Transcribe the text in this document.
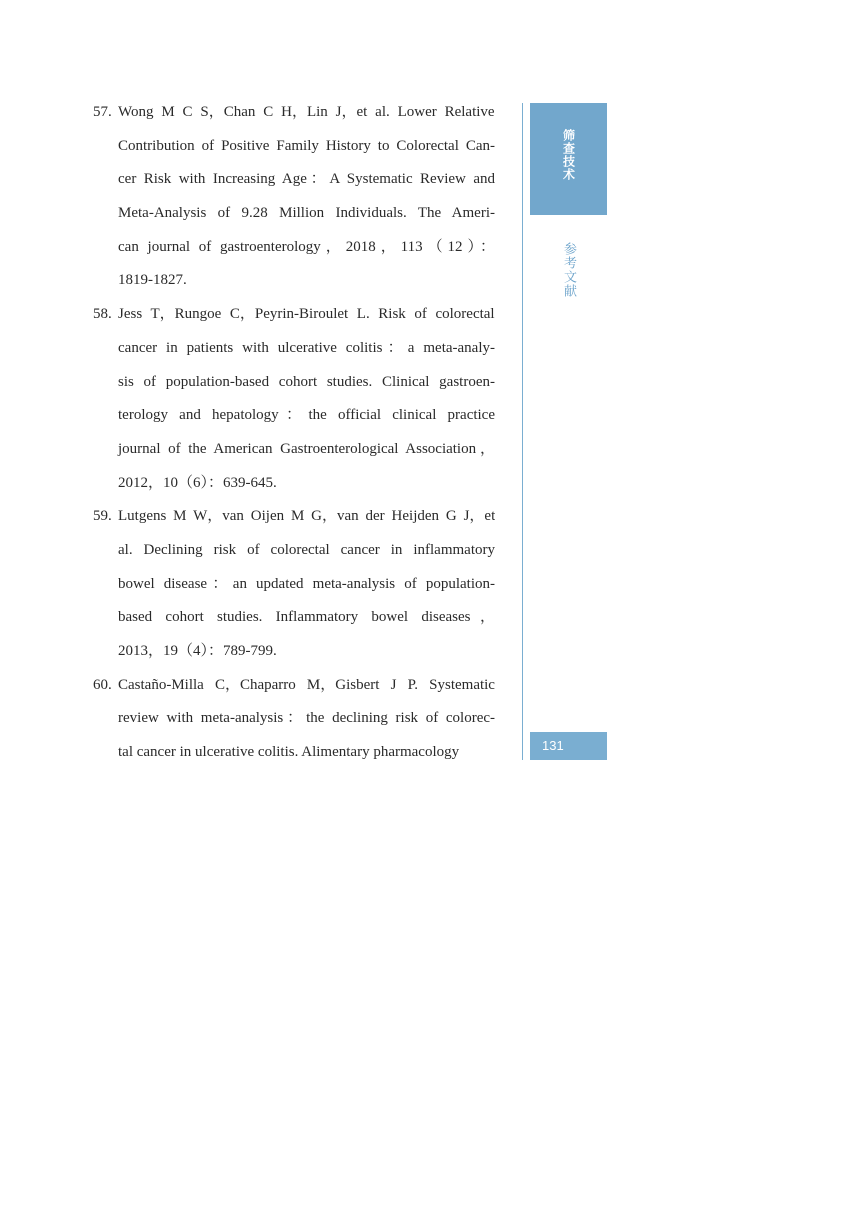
57. Wong M C S，Chan C H，Lin J，et al. Lower Relative
Contribution of Positive Family History to Colorectal Can-
cer Risk with Increasing Age：A Systematic Review and
Meta-Analysis of 9.28 Million Individuals. The Ameri-
can journal of gastroenterology，2018，113（12）：
1819-1827.
58. Jess T，Rungoe C，Peyrin-Biroulet L. Risk of colorectal
cancer in patients with ulcerative colitis：a meta-analy-
sis of population-based cohort studies. Clinical gastroen-
terology and hepatology：the official clinical practice
journal of the American Gastroenterological Association，
2012，10（6）：639-645.
59. Lutgens M W，van Oijen M G，van der Heijden G J，et
al. Declining risk of colorectal cancer in inflammatory
bowel disease：an updated meta-analysis of population-
based cohort studies. Inflammatory bowel diseases，
2013，19（4）：789-799.
60. Castaño-Milla C，Chaparro M，Gisbert J P. Systematic
review with meta-analysis：the declining risk of colorec-
tal cancer in ulcerative colitis. Alimentary pharmacology
筛查技术
参考文献
131
